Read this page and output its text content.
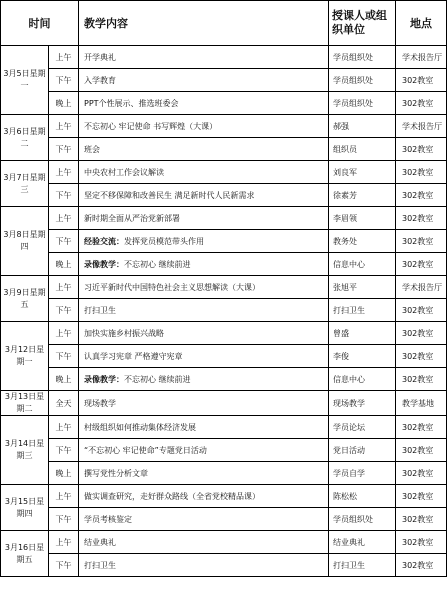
时间		教学内容	授课人或组织单位	地点
3月5日星期一	上午	开学典礼	学员组织处	学术报告厅
	下午	入学教育	学员组织处	302教室
	晚上	PPT个性展示、推选班委会	学员组织处	302教室
3月6日星期二	上午	不忘初心 牢记使命 书写辉煌（大课）	郝强	学术报告厅
	下午	班会	组织员	302教室
3月7日星期三	上午	中央农村工作会议解读	刘良军	302教室
	下午	坚定不移保障和改善民生 满足新时代人民新需求	徐素芳	302教室
3月8日星期四	上午	新时期全面从严治党新部署	李眉领	302教室
	下午	经验交流：发挥党员模范带头作用	教务处	302教室
	晚上	录像教学：不忘初心 继续前进	信息中心	302教室
3月9日星期五	上午	习近平新时代中国特色社会主义思想解读（大课）	张旭平	学术报告厅
	下午	打扫卫生	打扫卫生	302教室
3月12日星期一	上午	加快实施乡村振兴战略	曾盛	302教室
	下午	认真学习宪章 严格遵守宪章	李俊	302教室
	晚上	录像教学：不忘初心 继续前进	信息中心	302教室
3月13日星期二	全天	现场教学	现场教学	教学基地
3月14日星期三	上午	村级组织如何推动集体经济发展	学员论坛	302教室
	下午	“不忘初心 牢记使命”专题党日活动	党日活动	302教室
	晚上	撰写党性分析文章	学员自学	302教室
3月15日星期四	上午	做实调查研究，走好群众路线（全省党校精品课）	陈松松	302教室
	下午	学员考核鉴定	学员组织处	302教室
3月16日星期五	上午	结业典礼	结业典礼	302教室
	下午	打扫卫生	打扫卫生	302教室
